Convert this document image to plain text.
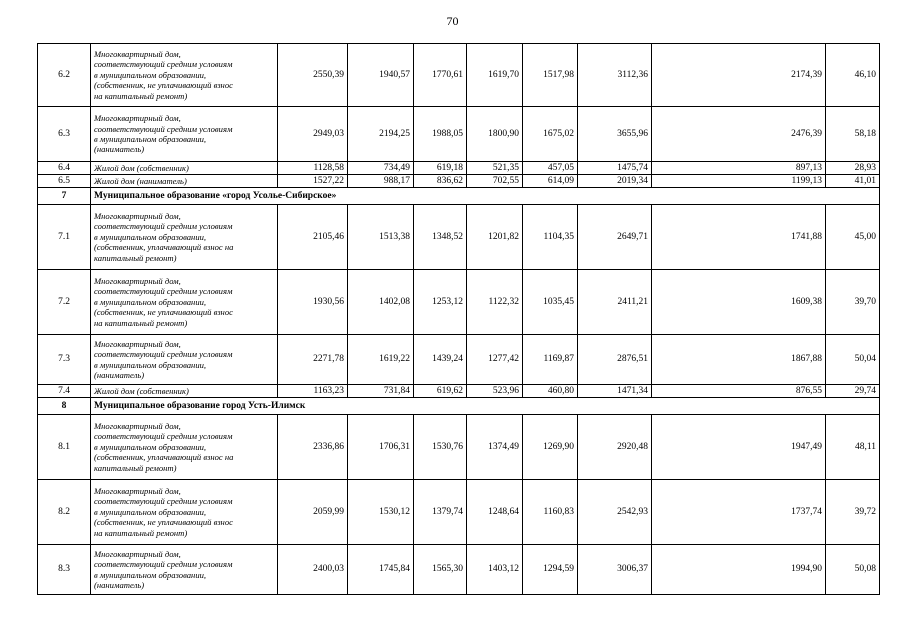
70
6.2	Многоквартирный дом,
соответствующий средним условиям
в муниципальном образовании,
(собственник, не уплачивающий взнос
на капитальный ремонт)	2550,39	1940,57	1770,61	1619,70	1517,98	3112,36	2174,39	46,10
6.3	Многоквартирный дом,
соответствующий средним условиям
в муниципальном образовании,
(наниматель)	2949,03	2194,25	1988,05	1800,90	1675,02	3655,96	2476,39	58,18
6.4	Жилой дом (собственник)	1128,58	734,49	619,18	521,35	457,05	1475,74	897,13	28,93
6.5	Жилой дом (наниматель)	1527,22	988,17	836,62	702,55	614,09	2019,34	1199,13	41,01
7	Муниципальное образование «город Усолье-Сибирское»								
7.1	Многоквартирный дом,
соответствующий средним условиям
в муниципальном образовании,
(собственник, уплачивающий взнос на
капитальный ремонт)	2105,46	1513,38	1348,52	1201,82	1104,35	2649,71	1741,88	45,00
7.2	Многоквартирный дом,
соответствующий средним условиям
в муниципальном образовании,
(собственник, не уплачивающий взнос
на капитальный ремонт)	1930,56	1402,08	1253,12	1122,32	1035,45	2411,21	1609,38	39,70
7.3	Многоквартирный дом,
соответствующий средним условиям
в муниципальном образовании,
(наниматель)	2271,78	1619,22	1439,24	1277,42	1169,87	2876,51	1867,88	50,04
7.4	Жилой дом (собственник)	1163,23	731,84	619,62	523,96	460,80	1471,34	876,55	29,74
8	Муниципальное образование город Усть-Илимск								
8.1	Многоквартирный дом,
соответствующий средним условиям
в муниципальном образовании,
(собственник, уплачивающий взнос на
капитальный ремонт)	2336,86	1706,31	1530,76	1374,49	1269,90	2920,48	1947,49	48,11
8.2	Многоквартирный дом,
соответствующий средним условиям
в муниципальном образовании,
(собственник, не уплачивающий взнос
на капитальный ремонт)	2059,99	1530,12	1379,74	1248,64	1160,83	2542,93	1737,74	39,72
8.3	Многоквартирный дом,
соответствующий средним условиям
в муниципальном образовании,
(наниматель)	2400,03	1745,84	1565,30	1403,12	1294,59	3006,37	1994,90	50,08
